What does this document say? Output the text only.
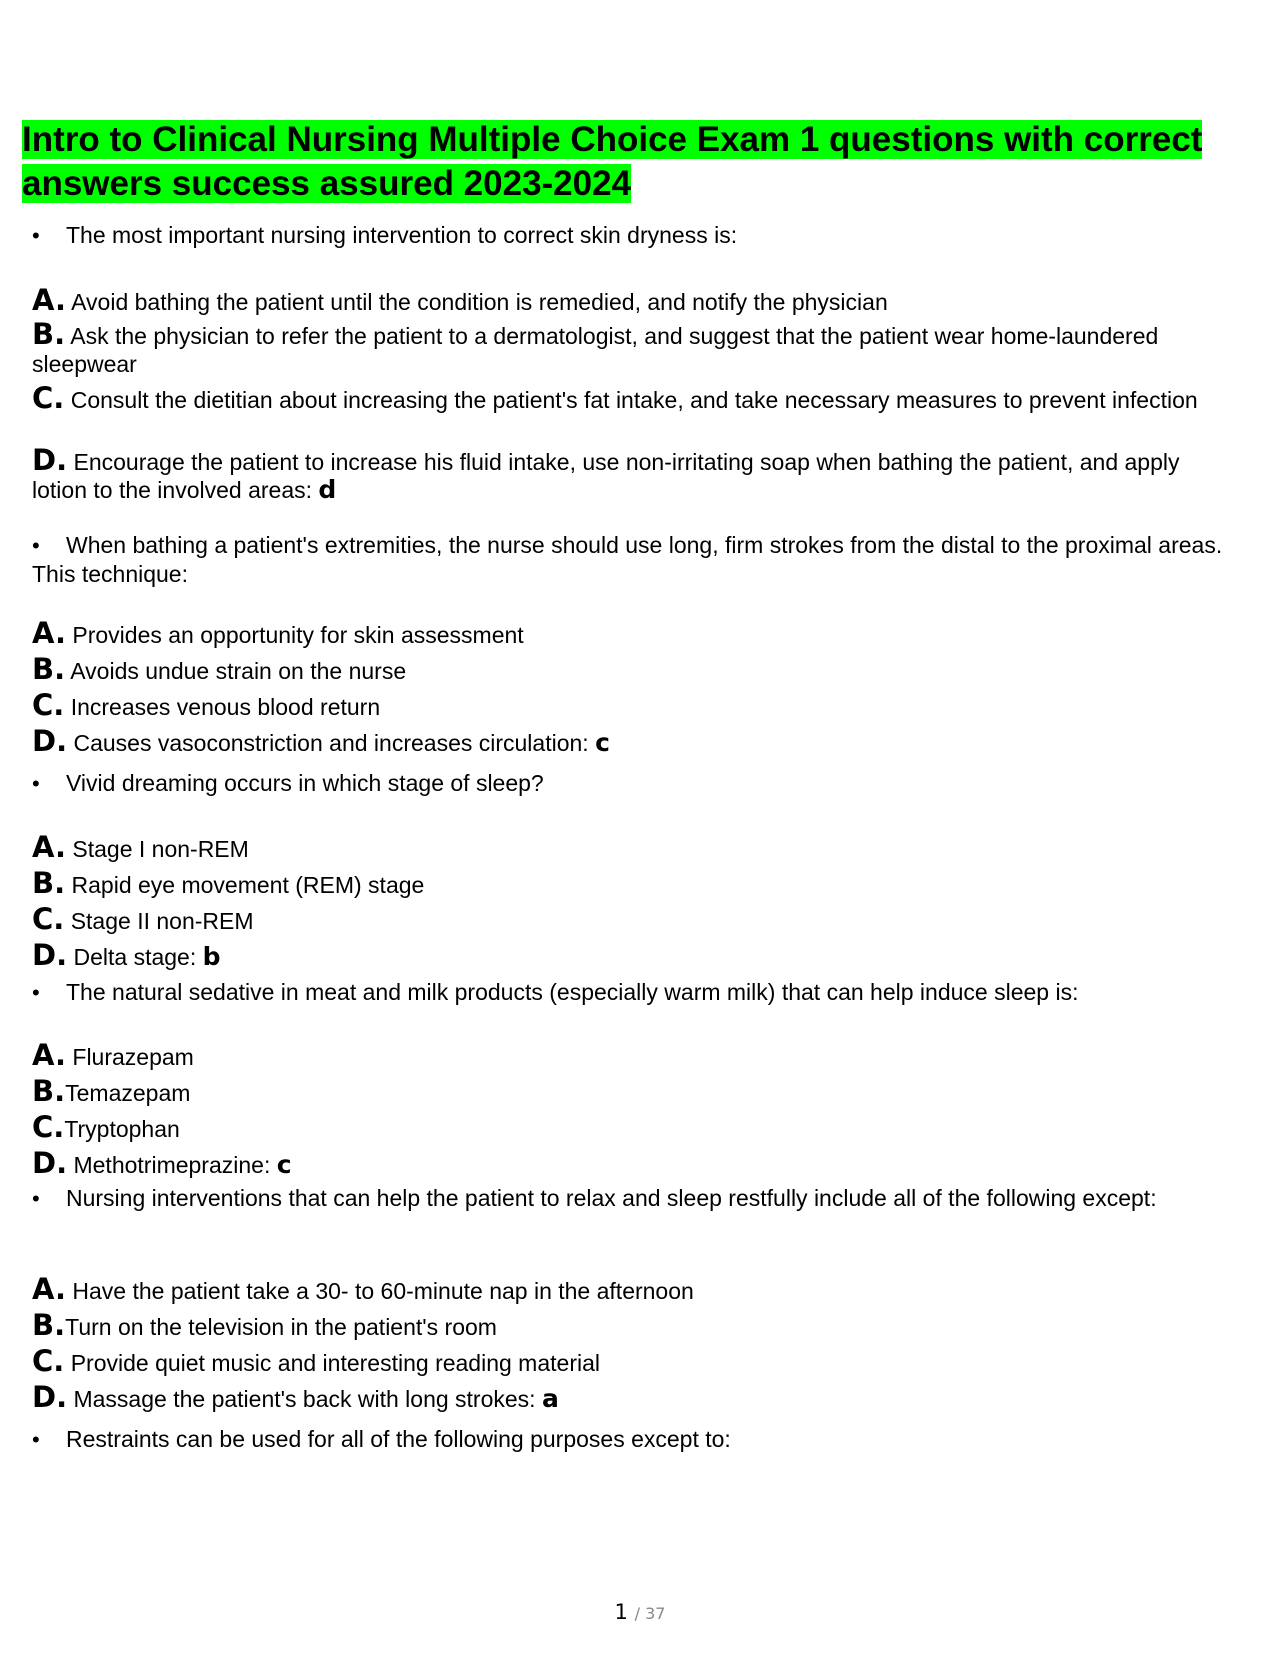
Intro to Clinical Nursing Multiple Choice Exam 1 questions with correct answers success assured 2023-2024

• The most important nursing intervention to correct skin dryness is:

A. Avoid bathing the patient until the condition is remedied, and notify the physician

B. Ask the physician to refer the patient to a dermatologist, and suggest that the patient wear home-laundered sleepwear

C. Consult the dietitian about increasing the patient's fat intake, and take necessary measures to prevent infection

D. Encourage the patient to increase his fluid intake, use non-irritating soap when bathing the patient, and apply lotion to the involved areas: d

• When bathing a patient's extremities, the nurse should use long, firm strokes from the distal to the proximal areas. This technique:

A. Provides an opportunity for skin assessment

B. Avoids undue strain on the nurse

C. Increases venous blood return

D. Causes vasoconstriction and increases circulation: c

• Vivid dreaming occurs in which stage of sleep?

A. Stage I non-REM

B. Rapid eye movement (REM) stage

C. Stage II non-REM

D. Delta stage: b

• The natural sedative in meat and milk products (especially warm milk) that can help induce sleep is:

A. Flurazepam

B.Temazepam

C.Tryptophan

D. Methotrimeprazine: c

• Nursing interventions that can help the patient to relax and sleep restfully include all of the following except:

A. Have the patient take a 30- to 60-minute nap in the afternoon

B.Turn on the television in the patient's room

C. Provide quiet music and interesting reading material

D. Massage the patient's back with long strokes: a

• Restraints can be used for all of the following purposes except to:

1 / 37
